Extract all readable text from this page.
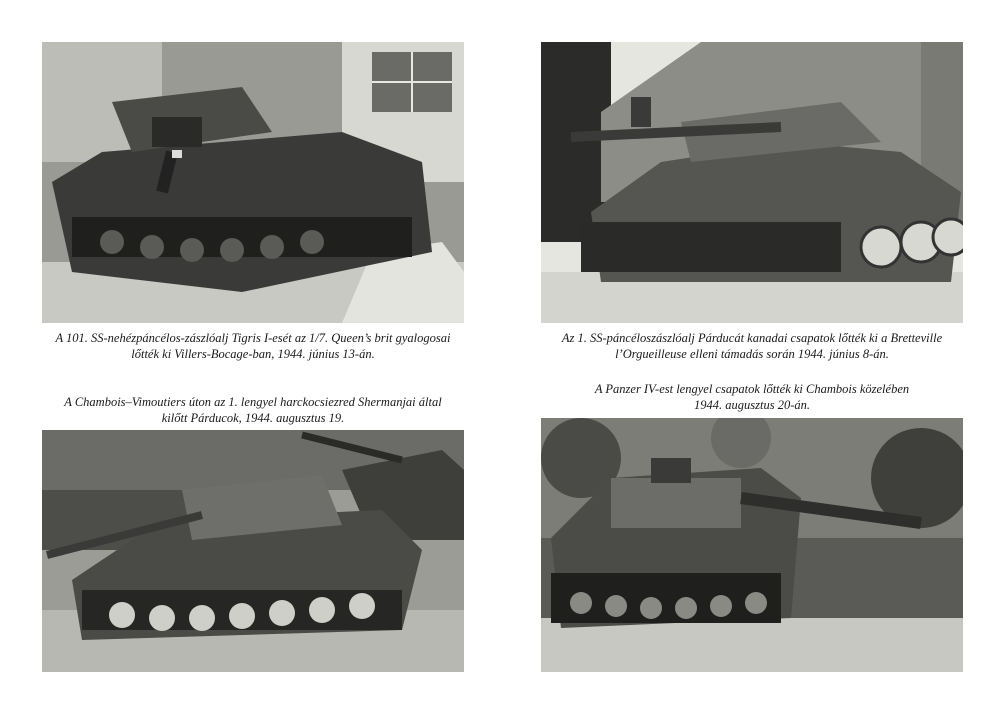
A 101. SS-nehézpáncélos-zászlóalj Tigris I-esét az 1/7. Queen’s brit gyalogosai
lőtték ki Villers-Bocage-ban, 1944. június 13-án.

Az 1. SS-páncéloszászlóalj Párducát kanadai csapatok lőtték ki a Bretteville
l’Orgueilleuse elleni támadás során 1944. június 8-án.

A Chambois–Vimoutiers úton az 1. lengyel harckocsiezred Shermanjai által
kilőtt Párducok, 1944. augusztus 19.

A Panzer IV-est lengyel csapatok lőtték ki Chambois közelében
1944. augusztus 20-án.
